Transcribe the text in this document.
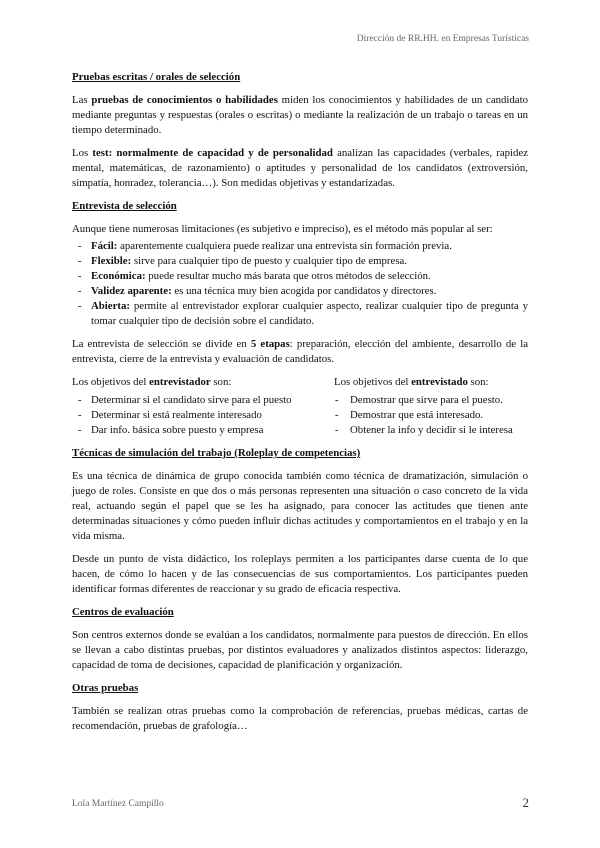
Dirección de RR.HH. en Empresas Turísticas
Pruebas escritas / orales de selección

Las pruebas de conocimientos o habilidades miden los conocimientos y habilidades de un candidato mediante preguntas y respuestas (orales o escritas) o mediante la realización de un trabajo o tareas en un tiempo determinado.

Los test: normalmente de capacidad y de personalidad analizan las capacidades (verbales, rapidez mental, matemáticas, de razonamiento) o aptitudes y personalidad de los candidatos (extroversión, simpatía, honradez, tolerancia…). Son medidas objetivas y estandarizadas.

Entrevista de selección

Aunque tiene numerosas limitaciones (es subjetivo e impreciso), es el método más popular al ser:

- Fácil: aparentemente cualquiera puede realizar una entrevista sin formación previa.
- Flexible: sirve para cualquier tipo de puesto y cualquier tipo de empresa.
- Económica: puede resultar mucho más barata que otros métodos de selección.
- Validez aparente: es una técnica muy bien acogida por candidatos y directores.
- Abierta: permite al entrevistador explorar cualquier aspecto, realizar cualquier tipo de pregunta y tomar cualquier tipo de decisión sobre el candidato.

La entrevista de selección se divide en 5 etapas: preparación, elección del ambiente, desarrollo de la entrevista, cierre de la entrevista y evaluación de candidatos.

Los objetivos del entrevistador son:
- Determinar si el candidato sirve para el puesto
- Determinar si está realmente interesado
- Dar info. básica sobre puesto y empresa
Los objetivos del entrevistado son:
- Demostrar que sirve para el puesto.
- Demostrar que está interesado.
- Obtener la info y decidir si le interesa
Técnicas de simulación del trabajo (Roleplay de competencias)

Es una técnica de dinámica de grupo conocida también como técnica de dramatización, simulación o juego de roles. Consiste en que dos o más personas representen una situación o caso concreto de la vida real, actuando según el papel que se les ha asignado, para conocer las actitudes que tienen ante determinadas situaciones y cómo pueden influir dichas actitudes y comportamientos en el trabajo y en la vida misma.

Desde un punto de vista didáctico, los roleplays permiten a los participantes darse cuenta de lo que hacen, de cómo lo hacen y de las consecuencias de sus comportamientos. Los participantes pueden identificar formas diferentes de reaccionar y su grado de eficacia respectiva.

Centros de evaluación

Son centros externos donde se evalúan a los candidatos, normalmente para puestos de dirección. En ellos se llevan a cabo distintas pruebas, por distintos evaluadores y analizados distintos aspectos: liderazgo, capacidad de toma de decisiones, capacidad de planificación y organización.

Otras pruebas

También se realizan otras pruebas como la comprobación de referencias, pruebas médicas, cartas de recomendación, pruebas de grafología…

Lola Martínez Campillo	2
